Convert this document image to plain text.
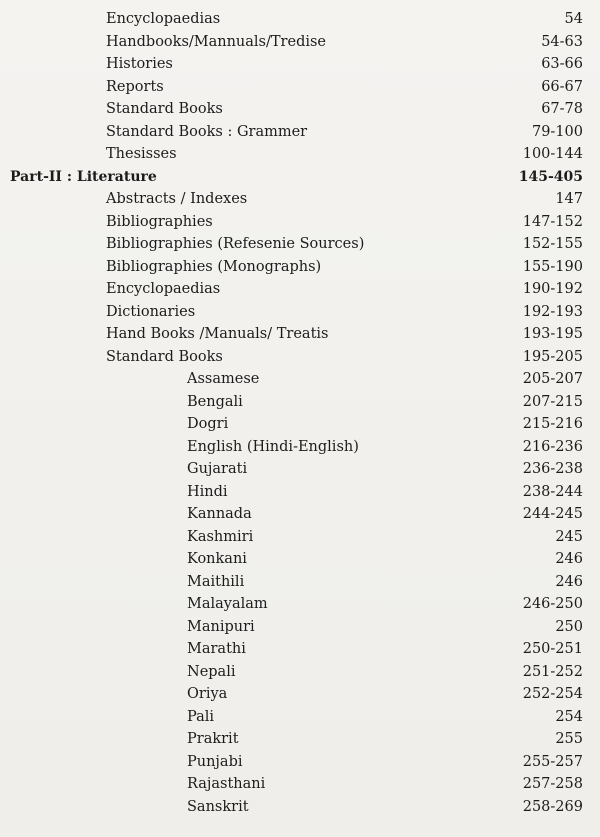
Encyclopaedias	54
Handbooks/Mannuals/Tredise	54-63
Histories	63-66
Reports	66-67
Standard Books	67-78
Standard Books : Grammer	79-100
Thesisses	100-144
Part-II : Literature	145-405
Abstracts / Indexes	147
Bibliographies	147-152
Bibliographies (Refesenie Sources)	152-155
Bibliographies (Monographs)	155-190
Encyclopaedias	190-192
Dictionaries	192-193
Hand Books /Manuals/ Treatis	193-195
Standard Books	195-205
Assamese	205-207
Bengali	207-215
Dogri	215-216
English (Hindi-English)	216-236
Gujarati	236-238
Hindi	238-244
Kannada	244-245
Kashmiri	245
Konkani	246
Maithili	246
Malayalam	246-250
Manipuri	250
Marathi	250-251
Nepali	251-252
Oriya	252-254
Pali	254
Prakrit	255
Punjabi	255-257
Rajasthani	257-258
Sanskrit	258-269
